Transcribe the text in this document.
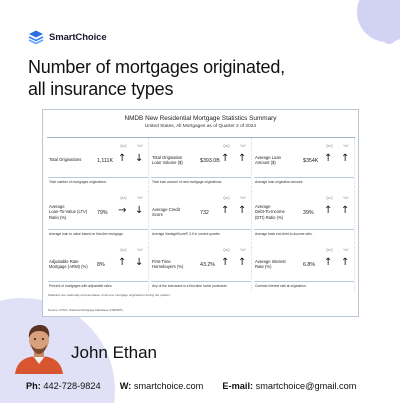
SmartChoice
Number of mortgages originated,
all insurance types
NMDB New Residential Mortgage Statistics Summary
United States, All Mortgages as of Quarter 2 of 2024
Total Originations	1,111K
QoQ	YoY
↑ ↓
Total number of mortgages originations.
Total Origination
Loan Volume ($)	$393.0B
QoQ	YoY
↑ ↑
Total loan amount of new mortgage originations.
Average Loan
Amount ($)	$354K
QoQ	YoY
↑ ↑
Average loan origination amount.
Average
Loan-To-Value (LTV)
Ratio (%)
79%
QoQ	YoY
→ ↓
Average loan to value based on first-lien mortgage.
Average Credit
Score	732
QoQ	YoY
↑ ↑
Average VantageScore® 3.0 in current quarter.
Average
Debt-To-Income
(DTI) Ratio (%)
39%
QoQ	YoY
↑ ↑
Average back end debt-to-income ratio.
Adjustable Rate
Mortgage (ARM) (%)	8%
QoQ	YoY
↑ ↓
Percent of mortgages with adjustable rates.
First-Time
Homebuyers (%)	43.2%
QoQ	YoY
↑ ↑
Any of the borrowers is a first-time home purchaser.
Average Interest
Rate (%)	6.8%
QoQ	YoY
↑ ↑
Contract interest rate at origination.
Statistics are nationally representative of all new mortgage originations during the quarter.
Source: FHFA, National Mortgage Database (NMDB®)
John Ethan
Ph: 442-728-9824 W: smartchoice.com E-mail: smartchoice@gmail.com
